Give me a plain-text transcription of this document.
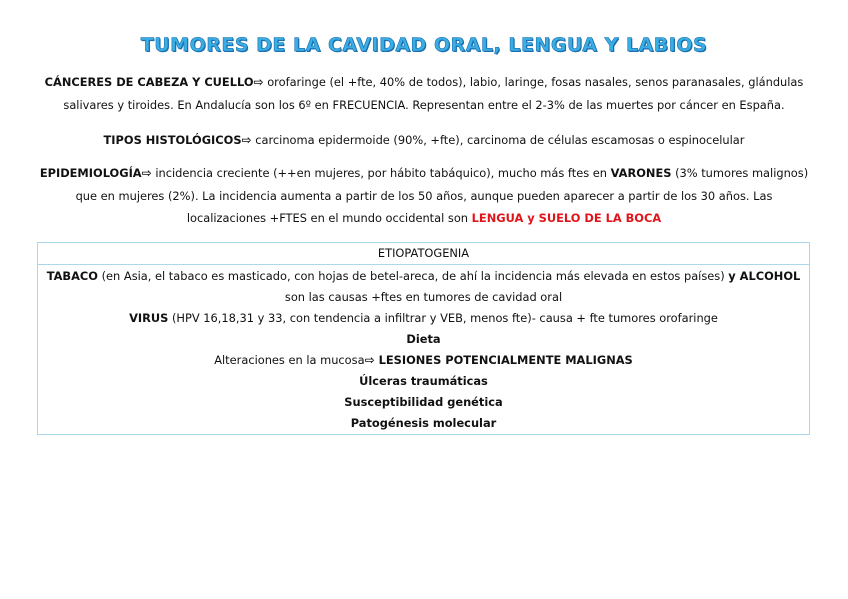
TUMORES DE LA CAVIDAD ORAL, LENGUA Y LABIOS
CÁNCERES DE CABEZA Y CUELLO⇨ orofaringe (el +fte, 40% de todos), labio, laringe, fosas nasales, senos paranasales, glándulas salivares y tiroides. En Andalucía son los 6º en FRECUENCIA. Representan entre el 2-3% de las muertes por cáncer en España.
TIPOS HISTOLÓGICOS⇨ carcinoma epidermoide (90%, +fte), carcinoma de células escamosas o espinocelular
EPIDEMIOLOGÍA⇨ incidencia creciente (++en mujeres, por hábito tabáquico), mucho más ftes en VARONES (3% tumores malignos) que en mujeres (2%). La incidencia aumenta a partir de los 50 años, aunque pueden aparecer a partir de los 30 años. Las localizaciones +FTES en el mundo occidental son LENGUA y SUELO DE LA BOCA
ETIOPATOGENIA
TABACO (en Asia, el tabaco es masticado, con hojas de betel-areca, de ahí la incidencia más elevada en estos países) y ALCOHOL son las causas +ftes en tumores de cavidad oral
VIRUS (HPV 16,18,31 y 33, con tendencia a infiltrar y VEB, menos fte)- causa + fte tumores orofaringe
Dieta
Alteraciones en la mucosa⇨ LESIONES POTENCIALMENTE MALIGNAS
Úlceras traumáticas
Susceptibilidad genética
Patogénesis molecular
